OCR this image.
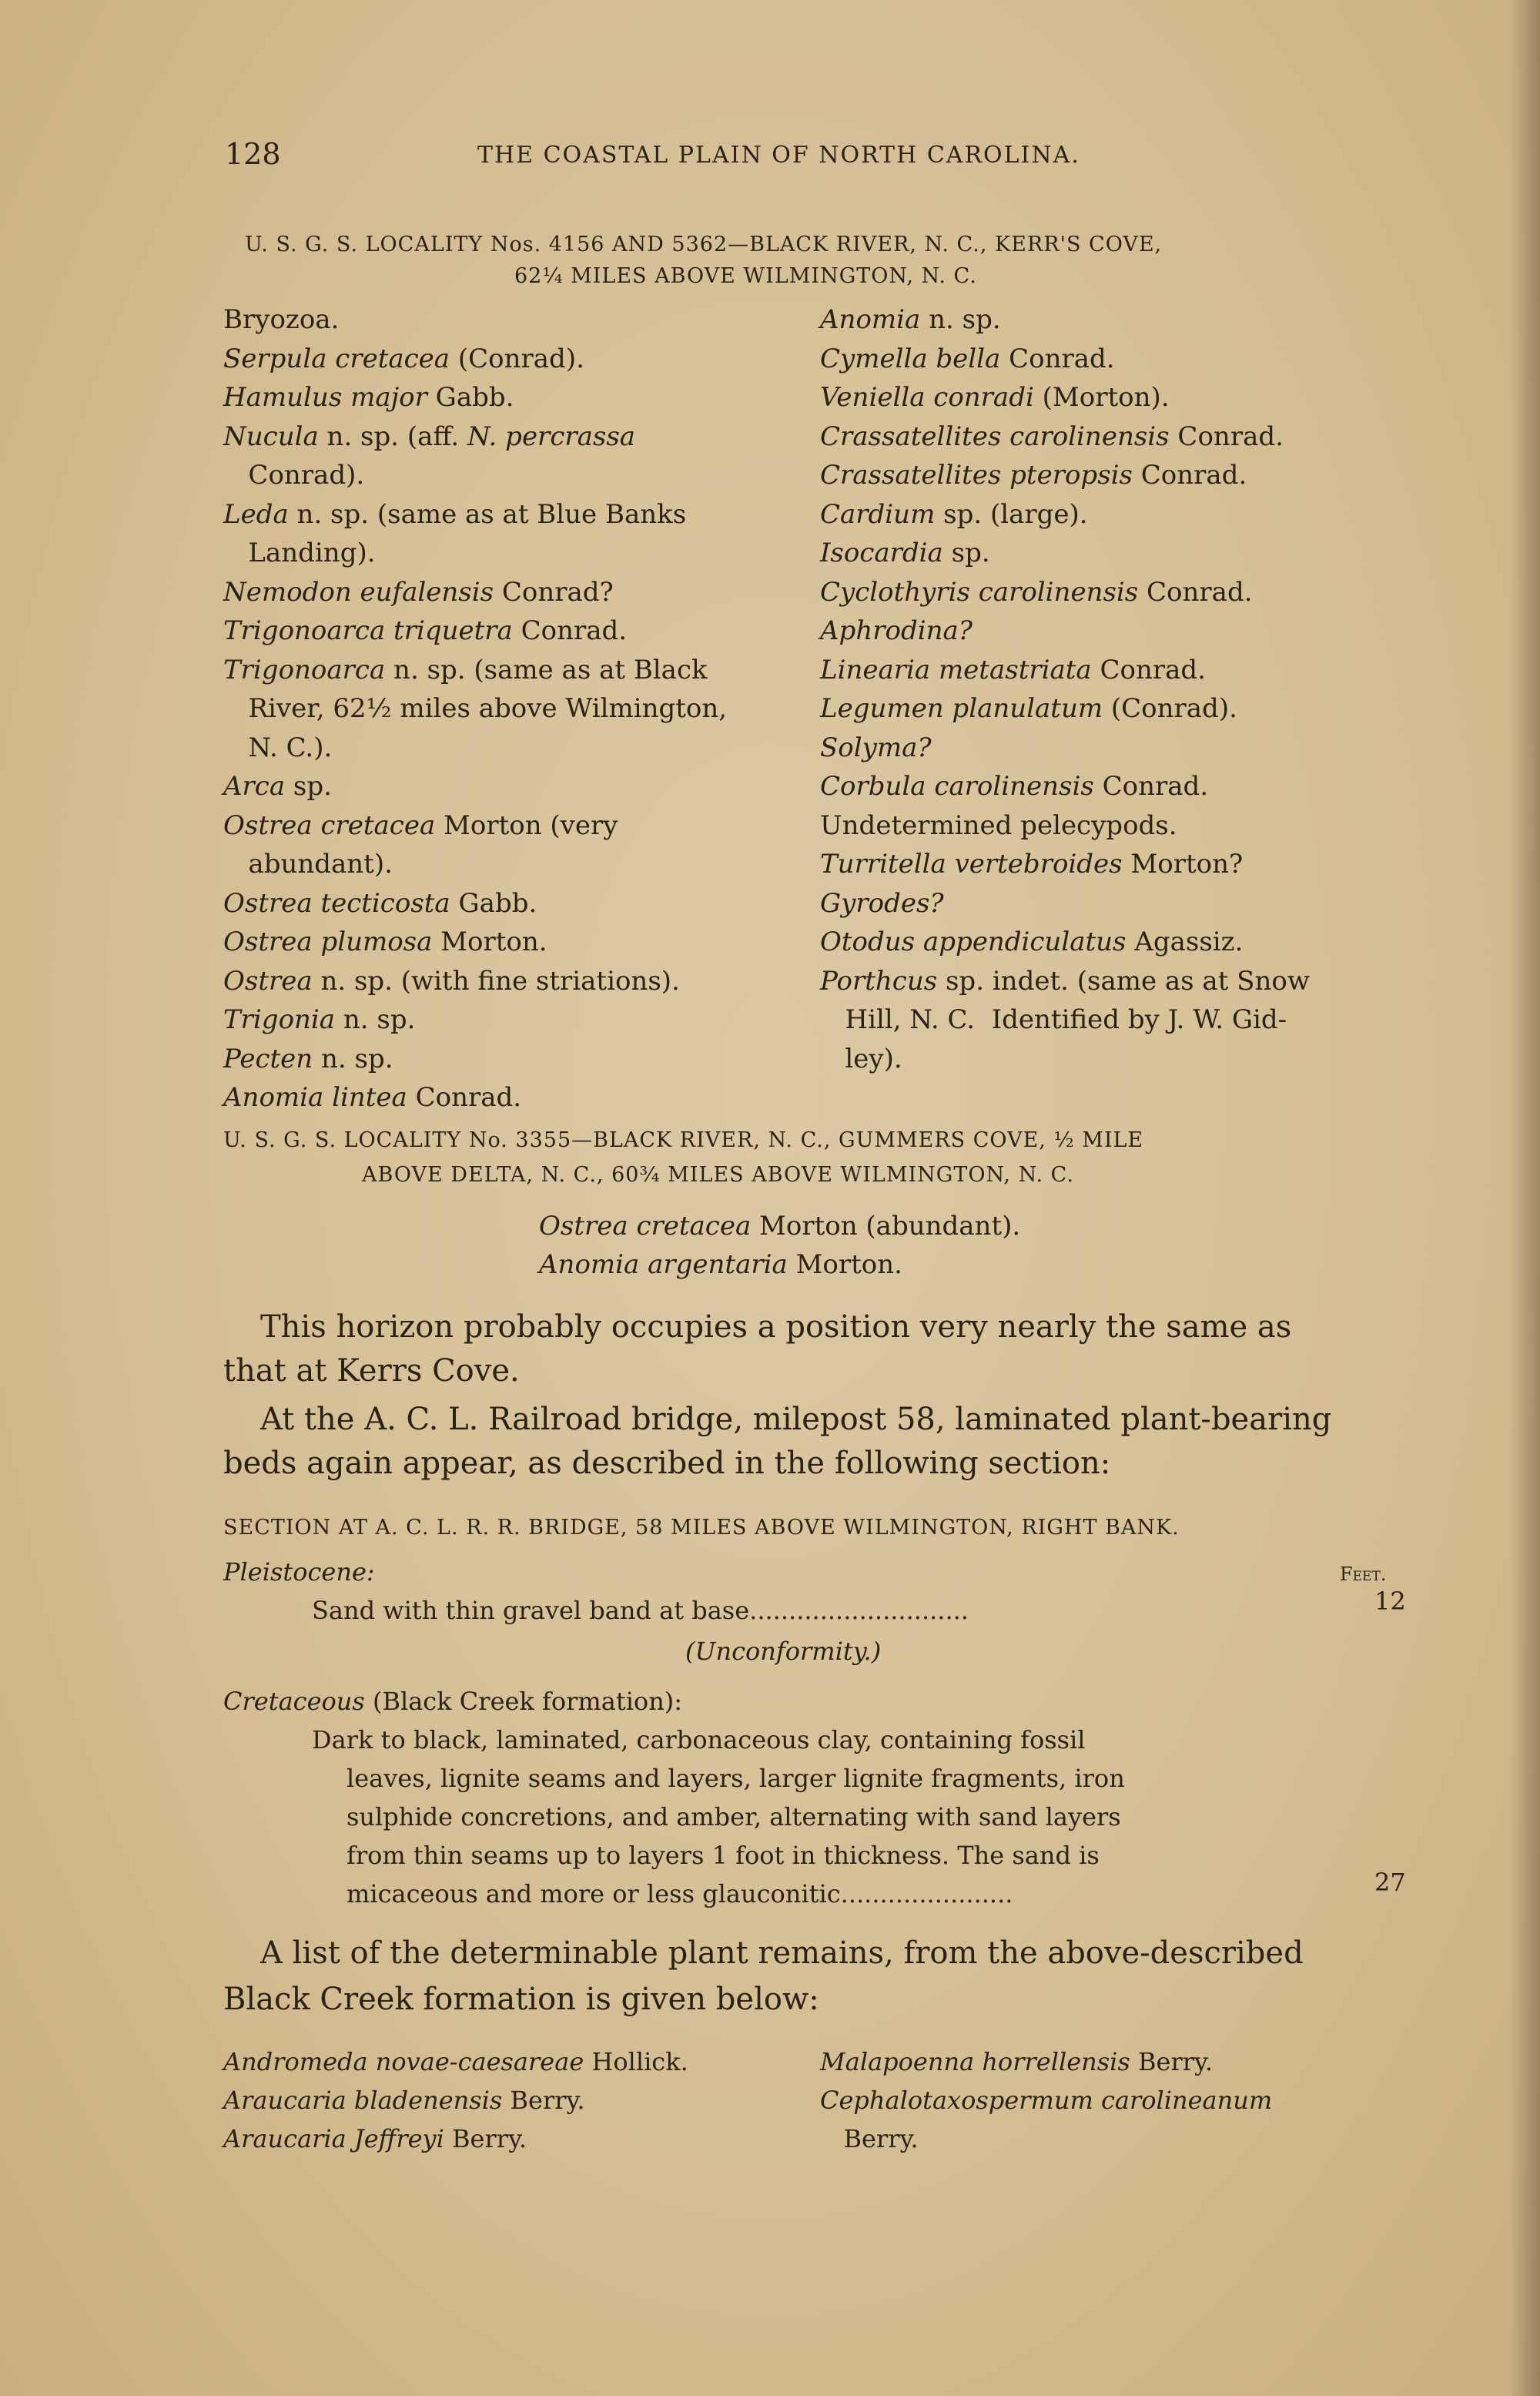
128	THE COASTAL PLAIN OF NORTH CAROLINA.
U. S. G. S. LOCALITY Nos. 4156 AND 5362—BLACK RIVER, N. C., KERR'S COVE,
62¼ MILES ABOVE WILMINGTON, N. C.
Bryozoa.
Serpula cretacea (Conrad).
Hamulus major Gabb.
Nucula n. sp. (aff. N. percrassa
Conrad).
Leda n. sp. (same as at Blue Banks
Landing).
Nemodon eufalensis Conrad?
Trigonoarca triquetra Conrad.
Trigonoarca n. sp. (same as at Black
River, 62½ miles above Wilmington,
N. C.).
Arca sp.
Ostrea cretacea Morton (very
abundant).
Ostrea tecticosta Gabb.
Ostrea plumosa Morton.
Ostrea n. sp. (with fine striations).
Trigonia n. sp.
Pecten n. sp.
Anomia lintea Conrad.
Anomia n. sp.
Cymella bella Conrad.
Veniella conradi (Morton).
Crassatellites carolinensis Conrad.
Crassatellites pteropsis Conrad.
Cardium sp. (large).
Isocardia sp.
Cyclothyris carolinensis Conrad.
Aphrodina?
Linearia metastriata Conrad.
Legumen planulatum (Conrad).
Solyma?
Corbula carolinensis Conrad.
Undetermined pelecypods.
Turritella vertebroides Morton?
Gyrodes?
Otodus appendiculatus Agassiz.
Porthcus sp. indet. (same as at Snow
Hill, N. C.  Identified by J. W. Gid-
ley).
U. S. G. S. LOCALITY No. 3355—BLACK RIVER, N. C., GUMMERS COVE, ½ MILE
ABOVE DELTA, N. C., 60¾ MILES ABOVE WILMINGTON, N. C.
Ostrea cretacea Morton (abundant).
Anomia argentaria Morton.
This horizon probably occupies a position very nearly the same as
that at Kerrs Cove.
At the A. C. L. Railroad bridge, milepost 58, laminated plant-bearing
beds again appear, as described in the following section:
SECTION AT A. C. L. R. R. BRIDGE, 58 MILES ABOVE WILMINGTON, RIGHT BANK.
Pleistocene:	Feet.
Sand with thin gravel band at base............................	12
(Unconformity.)
Cretaceous (Black Creek formation):
Dark to black, laminated, carbonaceous clay, containing fossil
leaves, lignite seams and layers, larger lignite fragments, iron
sulphide concretions, and amber, alternating with sand layers
from thin seams up to layers 1 foot in thickness. The sand is
micaceous and more or less glauconitic......................	27
A list of the determinable plant remains, from the above-described
Black Creek formation is given below:
Andromeda novae-caesareae Hollick.
Araucaria bladenensis Berry.
Araucaria Jeffreyi Berry.
Malapoenna horrellensis Berry.
Cephalotaxospermum carolineanum
Berry.
